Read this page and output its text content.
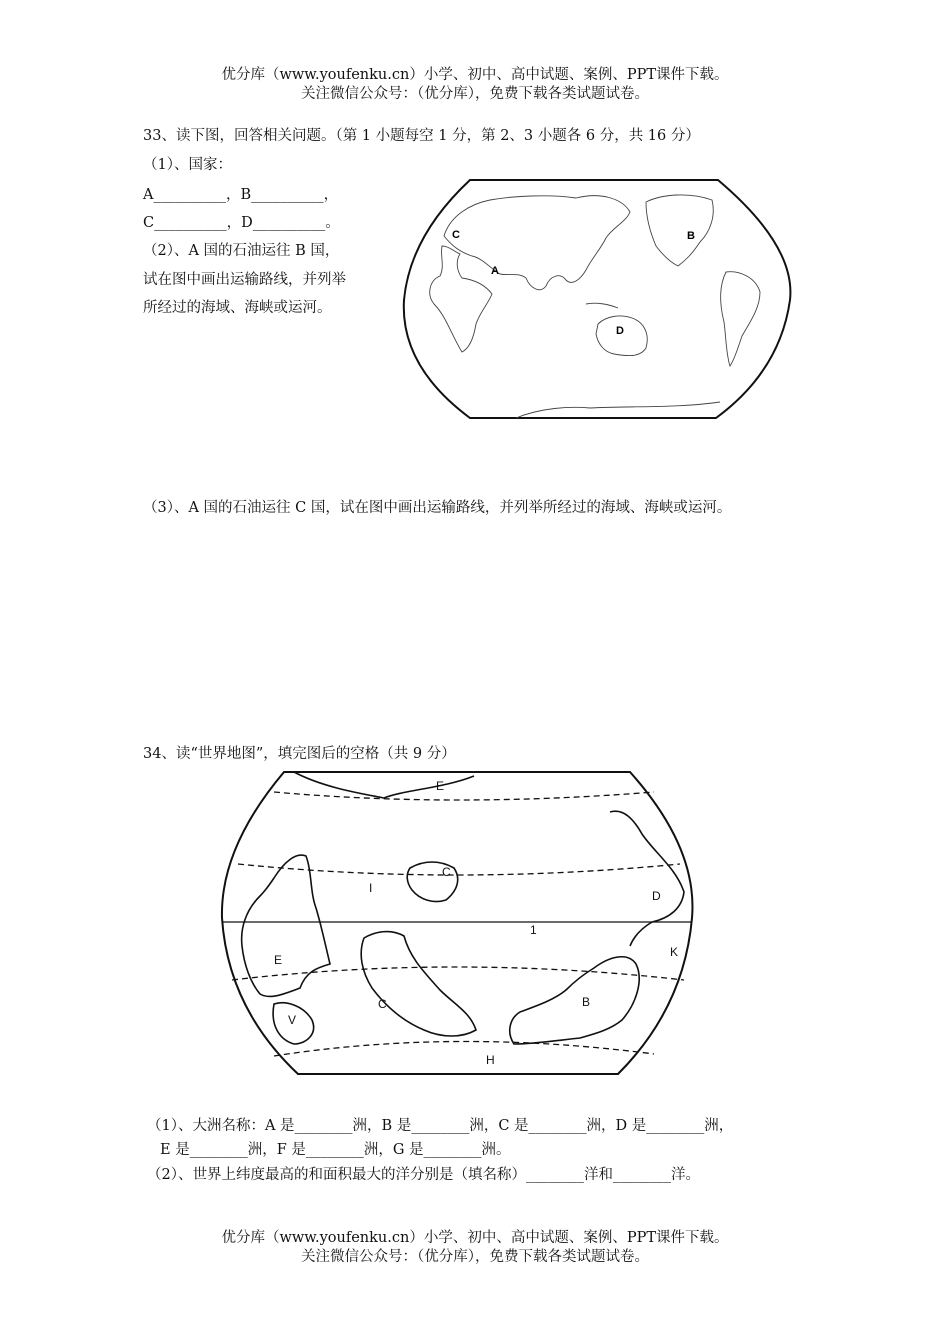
优分库（www.youfenku.cn）小学、初中、高中试题、案例、PPT课件下载。
关注微信公众号：（优分库），免费下载各类试题试卷。
33、读下图，回答相关问题。（第 1 小题每空 1 分，第 2、3 小题各 6 分，共 16 分）
（1）、国家：
A__________，B__________，
C__________，D__________。
（2）、A 国的石油运往 B 国，
试在图中画出运输路线，并列举
所经过的海域、海峡或运河。
C
A
B
D
（3）、A 国的石油运往 C 国，试在图中画出运输路线，并列举所经过的海域、海峡或运河。
34、读“世界地图”，填完图后的空格（共 9 分）
E
C
I
D
E
1
K
C	B
V
H
（1）、大洲名称：A 是________洲，B 是________洲，C 是________洲，D 是________洲，
E 是________洲，F 是________洲，G 是________洲。
（2）、世界上纬度最高的和面积最大的洋分别是（填名称）________洋和________洋。
优分库（www.youfenku.cn）小学、初中、高中试题、案例、PPT课件下载。
关注微信公众号：（优分库），免费下载各类试题试卷。
